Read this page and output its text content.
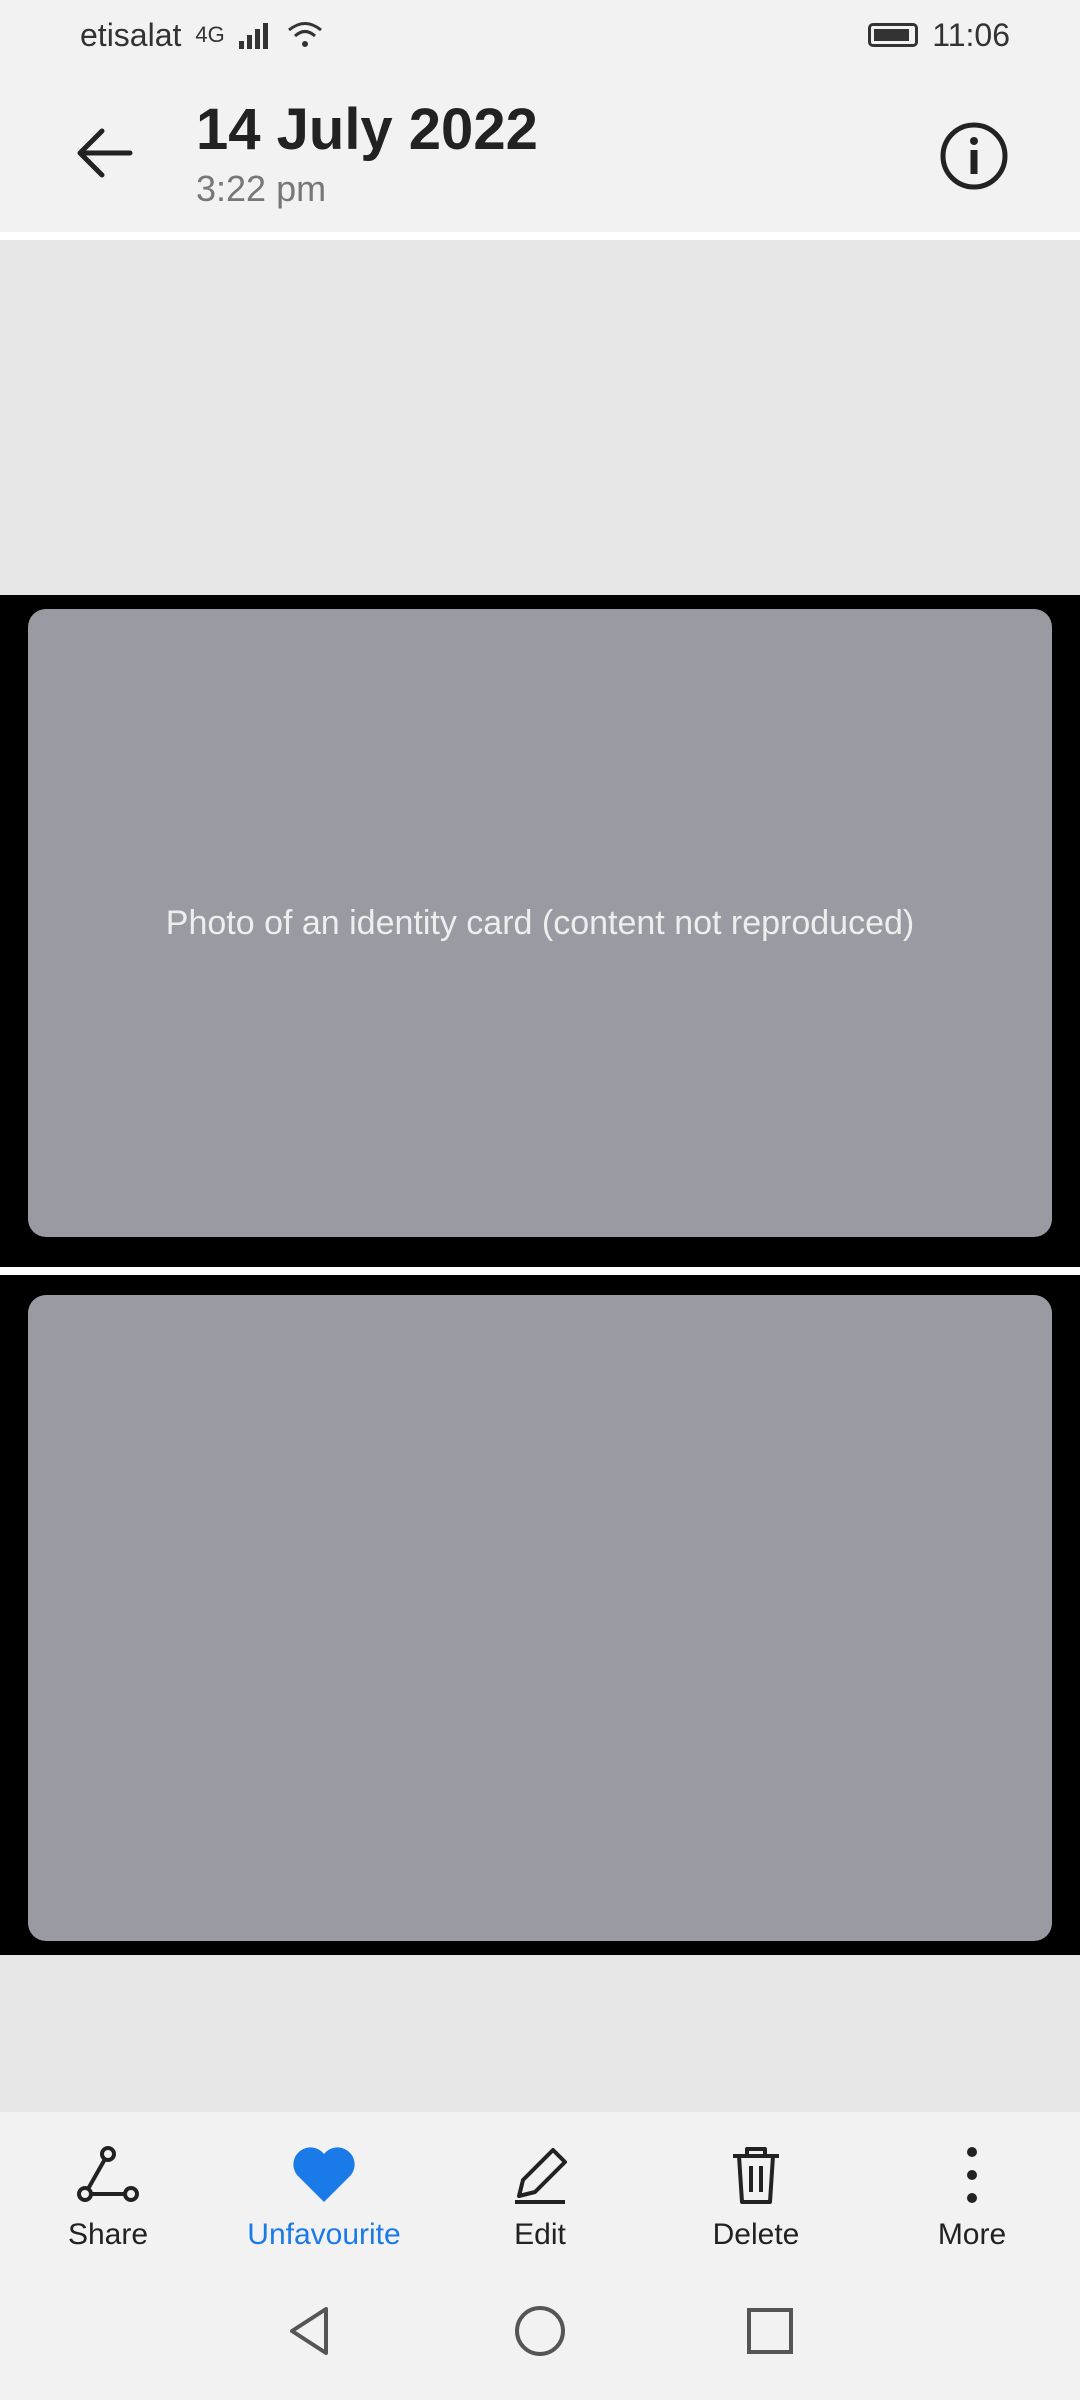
etisalat 4G	11:06
14 July 2022
3:22 pm
Photo of an identity card (content not reproduced)
Share	Unfavourite	Edit	Delete	More
